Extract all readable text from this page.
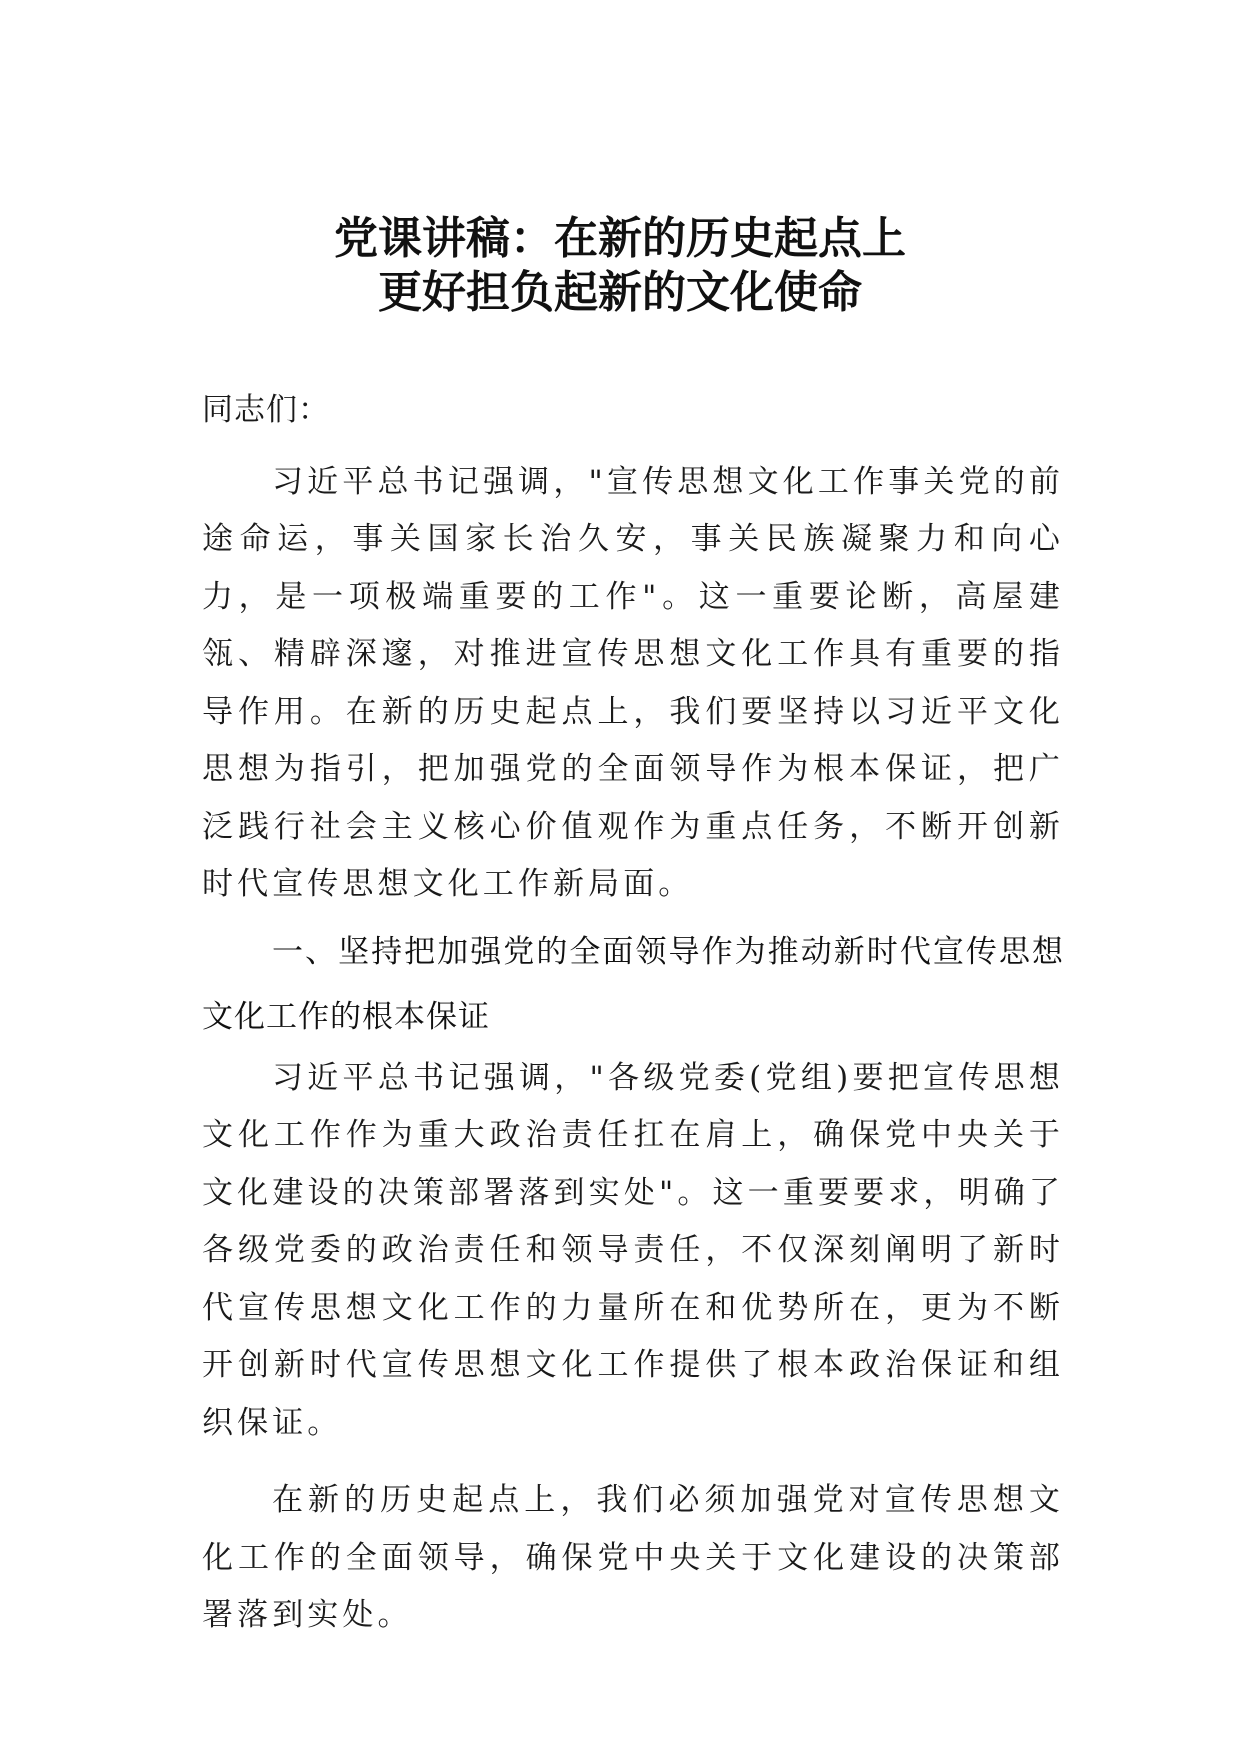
党课讲稿：在新的历史起点上
更好担负起新的文化使命

同志们：

习近平总书记强调，"宣传思想文化工作事关党的前途命运，事关国家长治久安，事关民族凝聚力和向心力，是一项极端重要的工作"。这一重要论断，高屋建瓴、精辟深邃，对推进宣传思想文化工作具有重要的指导作用。在新的历史起点上，我们要坚持以习近平文化思想为指引，把加强党的全面领导作为根本保证，把广泛践行社会主义核心价值观作为重点任务，不断开创新时代宣传思想文化工作新局面。

一、坚持把加强党的全面领导作为推动新时代宣传思想文化工作的根本保证

习近平总书记强调，"各级党委(党组)要把宣传思想文化工作作为重大政治责任扛在肩上，确保党中央关于文化建设的决策部署落到实处"。这一重要要求，明确了各级党委的政治责任和领导责任，不仅深刻阐明了新时代宣传思想文化工作的力量所在和优势所在，更为不断开创新时代宣传思想文化工作提供了根本政治保证和组织保证。

在新的历史起点上，我们必须加强党对宣传思想文化工作的全面领导，确保党中央关于文化建设的决策部署落到实处。
